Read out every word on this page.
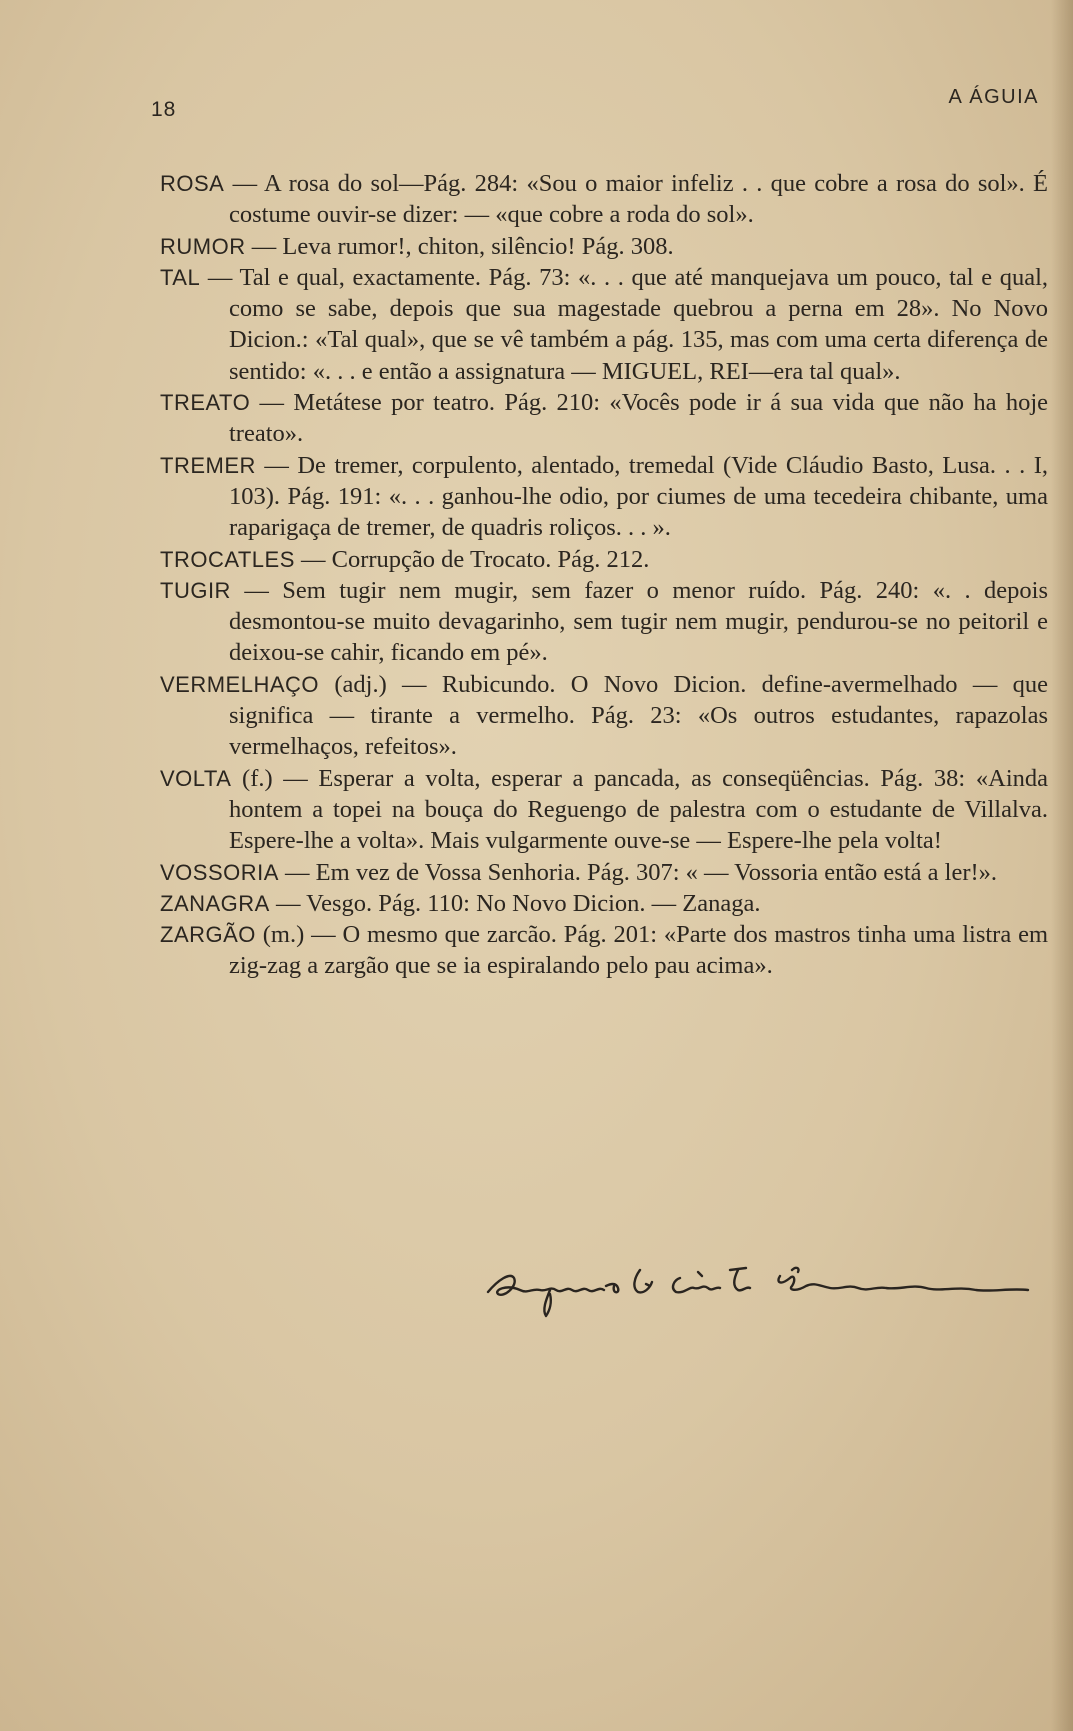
18
A ÁGUIA

ROSA — A rosa do sol—Pág. 284: «Sou o maior infeliz . . que cobre a rosa do sol». É costume ouvir-se dizer: — «que cobre a roda do sol».

RUMOR — Leva rumor!, chiton, silêncio! Pág. 308.

TAL — Tal e qual, exactamente. Pág. 73: «. . . que até manquejava um pouco, tal e qual, como se sabe, depois que sua magestade quebrou a perna em 28». No Novo Dicion.: «Tal qual», que se vê também a pág. 135, mas com uma certa diferença de sentido: «. . . e então a assignatura — MIGUEL, REI—era tal qual».

TREATO — Metátese por teatro. Pág. 210: «Vocês pode ir á sua vida que não ha hoje treato».

TREMER — De tremer, corpulento, alentado, tremedal (Vide Cláudio Basto, Lusa. . . I, 103). Pág. 191: «. . . ganhou-lhe odio, por ciumes de uma tecedeira chibante, uma raparigaça de tremer, de quadris roliços. . . ».

TROCATLES — Corrupção de Trocato. Pág. 212.

TUGIR — Sem tugir nem mugir, sem fazer o menor ruído. Pág. 240: «. . depois desmontou-se muito devagarinho, sem tugir nem mugir, pendurou-se no peitoril e deixou-se cahir, ficando em pé».

VERMELHAÇO (adj.) — Rubicundo. O Novo Dicion. define-avermelhado — que significa — tirante a vermelho. Pág. 23: «Os outros estudantes, rapazolas vermelhaços, refeitos».

VOLTA (f.) — Esperar a volta, esperar a pancada, as conseqüências. Pág. 38: «Ainda hontem a topei na bouça do Reguengo de palestra com o estudante de Villalva. Espere-lhe a volta». Mais vulgarmente ouve-se — Espere-lhe pela volta!

VOSSORIA — Em vez de Vossa Senhoria. Pág. 307: « — Vossoria então está a ler!».

ZANAGRA — Vesgo. Pág. 110: No Novo Dicion. — Zanaga.

ZARGÃO (m.) — O mesmo que zarcão. Pág. 201: «Parte dos mastros tinha uma listra em zig-zag a zargão que se ia espiralando pelo pau acima».
